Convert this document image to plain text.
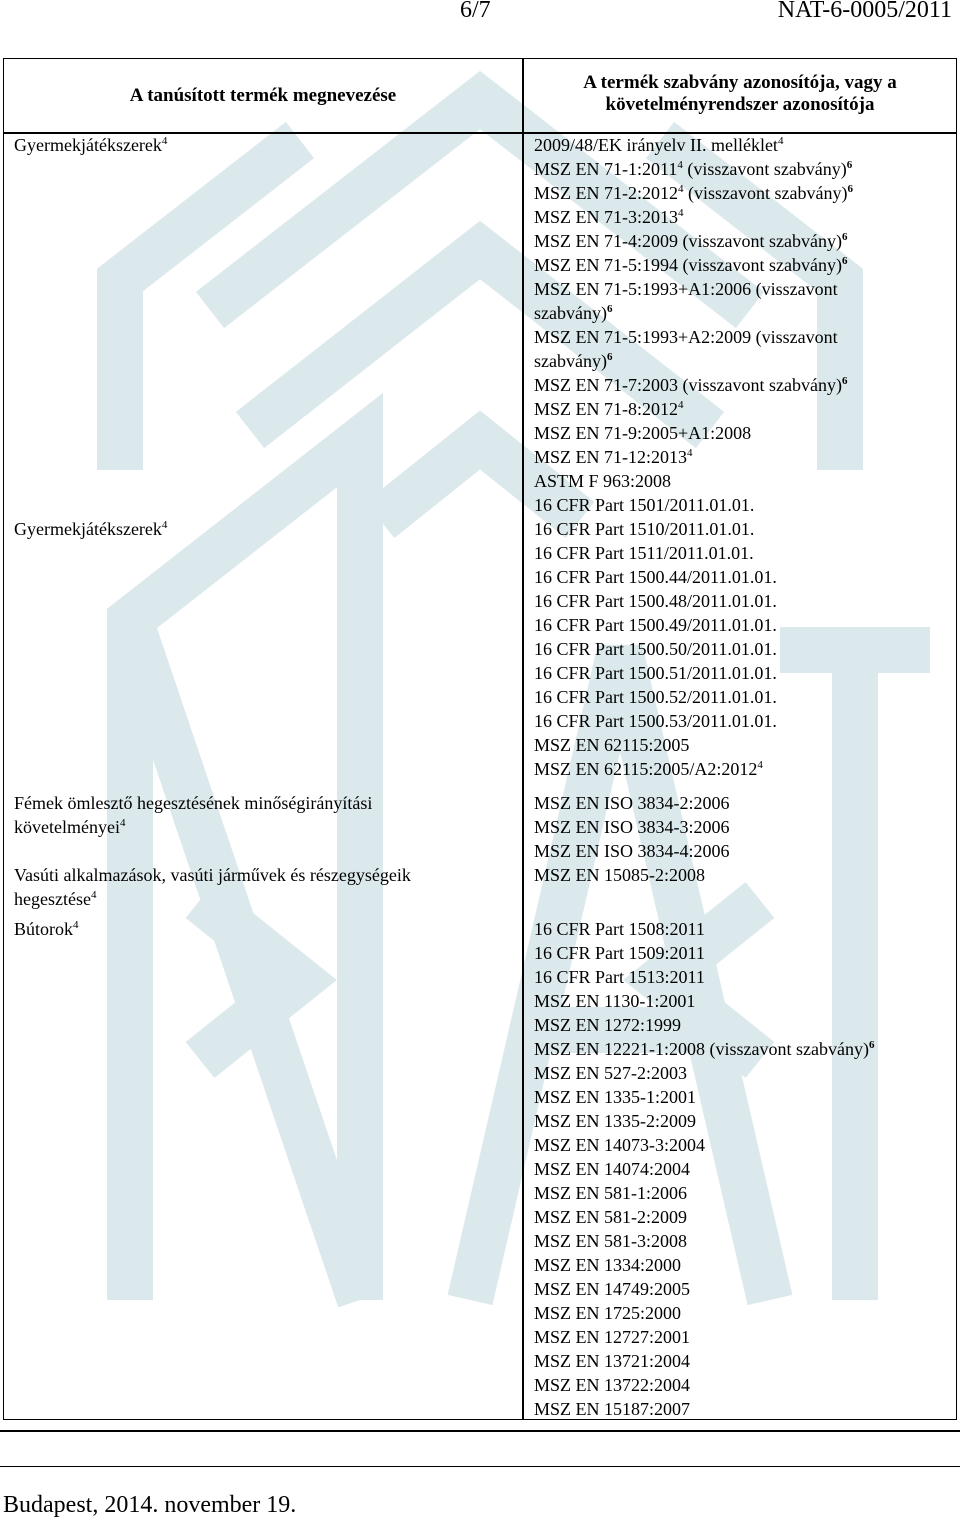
6/7	NAT-6-0005/2011
A tanúsított termék megnevezése
A termék szabvány azonosítója, vagy a követelményrendszer azonosítója
Gyermekjátékszerek$^4$
Gyermekjátékszerek$^4$
Fémek ömlesztő hegesztésének minőségirányítási
követelményei$^4$
Vasúti alkalmazások, vasúti járművek és részegységeik
hegesztése$^4$
Bútorok$^4$
2009/48/EK irányelv II. melléklet$^4$
MSZ EN 71-1:2011$^4$ (visszavont szabvány)$^6$
MSZ EN 71-2:2012$^4$ (visszavont szabvány)$^6$
MSZ EN 71-3:2013$^4$
MSZ EN 71-4:2009 (visszavont szabvány)$^6$
MSZ EN 71-5:1994 (visszavont szabvány)$^6$
MSZ EN 71-5:1993+A1:2006 (visszavont
szabvány)$^6$
MSZ EN 71-5:1993+A2:2009 (visszavont
szabvány)$^6$
MSZ EN 71-7:2003 (visszavont szabvány)$^6$
MSZ EN 71-8:2012$^4$
MSZ EN 71-9:2005+A1:2008
MSZ EN 71-12:2013$^4$
ASTM F 963:2008
16 CFR Part 1501/2011.01.01.
16 CFR Part 1510/2011.01.01.
16 CFR Part 1511/2011.01.01.
16 CFR Part 1500.44/2011.01.01.
16 CFR Part 1500.48/2011.01.01.
16 CFR Part 1500.49/2011.01.01.
16 CFR Part 1500.50/2011.01.01.
16 CFR Part 1500.51/2011.01.01.
16 CFR Part 1500.52/2011.01.01.
16 CFR Part 1500.53/2011.01.01.
MSZ EN 62115:2005
MSZ EN 62115:2005/A2:2012$^4$
MSZ EN ISO 3834-2:2006
MSZ EN ISO 3834-3:2006
MSZ EN ISO 3834-4:2006
MSZ EN 15085-2:2008
16 CFR Part 1508:2011
16 CFR Part 1509:2011
16 CFR Part 1513:2011
MSZ EN 1130-1:2001
MSZ EN 1272:1999
MSZ EN 12221-1:2008 (visszavont szabvány)$^6$
MSZ EN 527-2:2003
MSZ EN 1335-1:2001
MSZ EN 1335-2:2009
MSZ EN 14073-3:2004
MSZ EN 14074:2004
MSZ EN 581-1:2006
MSZ EN 581-2:2009
MSZ EN 581-3:2008
MSZ EN 1334:2000
MSZ EN 14749:2005
MSZ EN 1725:2000
MSZ EN 12727:2001
MSZ EN 13721:2004
MSZ EN 13722:2004
MSZ EN 15187:2007
Budapest, 2014. november 19.
